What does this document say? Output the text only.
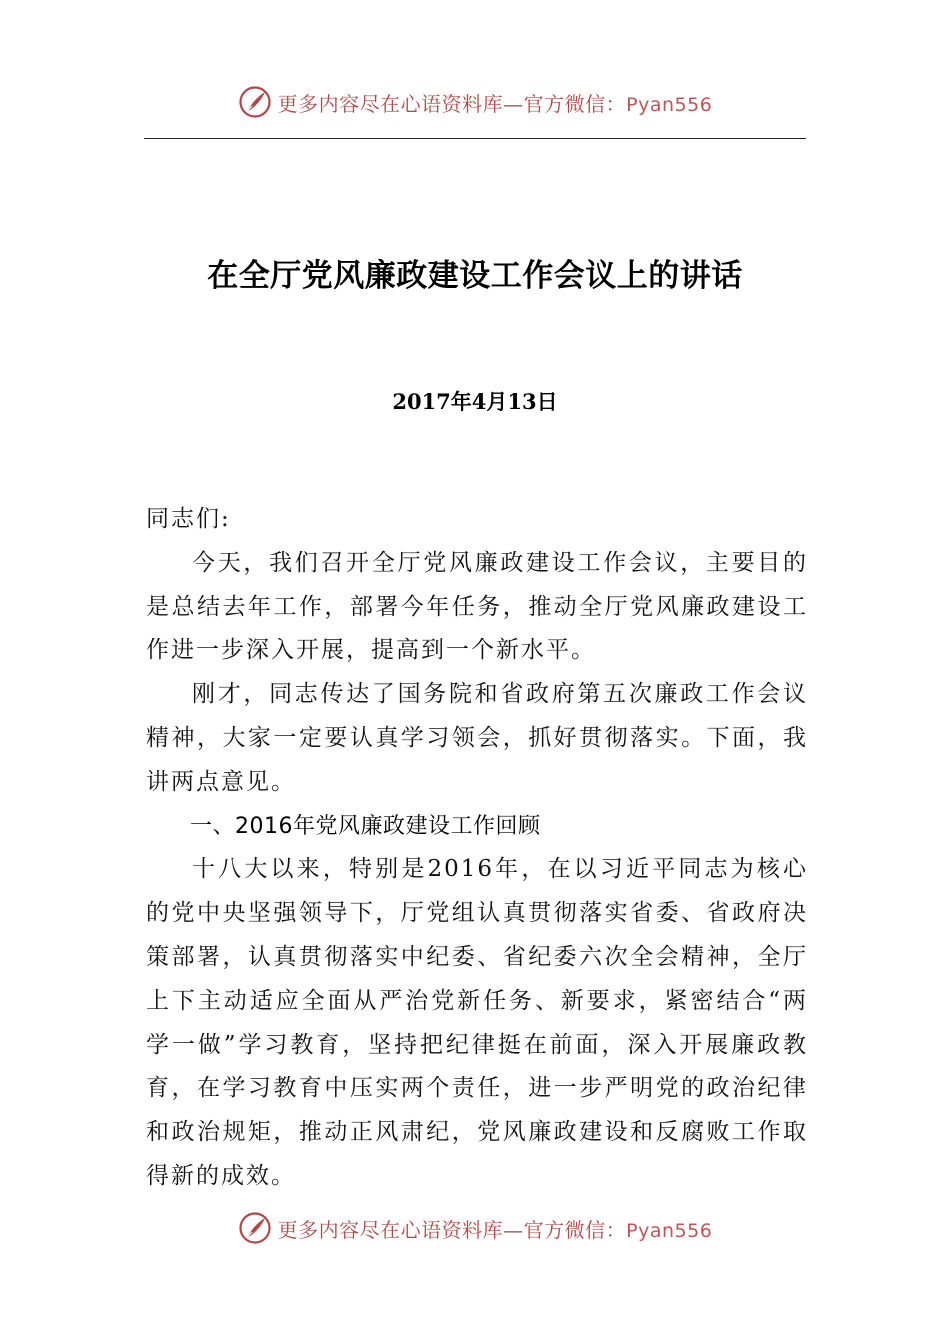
更多内容尽在心语资料库—官方微信：Pyan556
在全厅党风廉政建设工作会议上的讲话
2017年4月13日

同志们:

今天，我们召开全厅党风廉政建设工作会议，主要目的是总结去年工作，部署今年任务，推动全厅党风廉政建设工作进一步深入开展，提高到一个新水平。

刚才，同志传达了国务院和省政府第五次廉政工作会议精神，大家一定要认真学习领会，抓好贯彻落实。下面，我讲两点意见。

一、2016年党风廉政建设工作回顾

十八大以来，特别是2016年，在以习近平同志为核心的党中央坚强领导下，厅党组认真贯彻落实省委、省政府决策部署，认真贯彻落实中纪委、省纪委六次全会精神，全厅上下主动适应全面从严治党新任务、新要求，紧密结合“两学一做”学习教育，坚持把纪律挺在前面，深入开展廉政教育，在学习教育中压实两个责任，进一步严明党的政治纪律和政治规矩，推动正风肃纪，党风廉政建设和反腐败工作取得新的成效。

更多内容尽在心语资料库—官方微信：Pyan556
